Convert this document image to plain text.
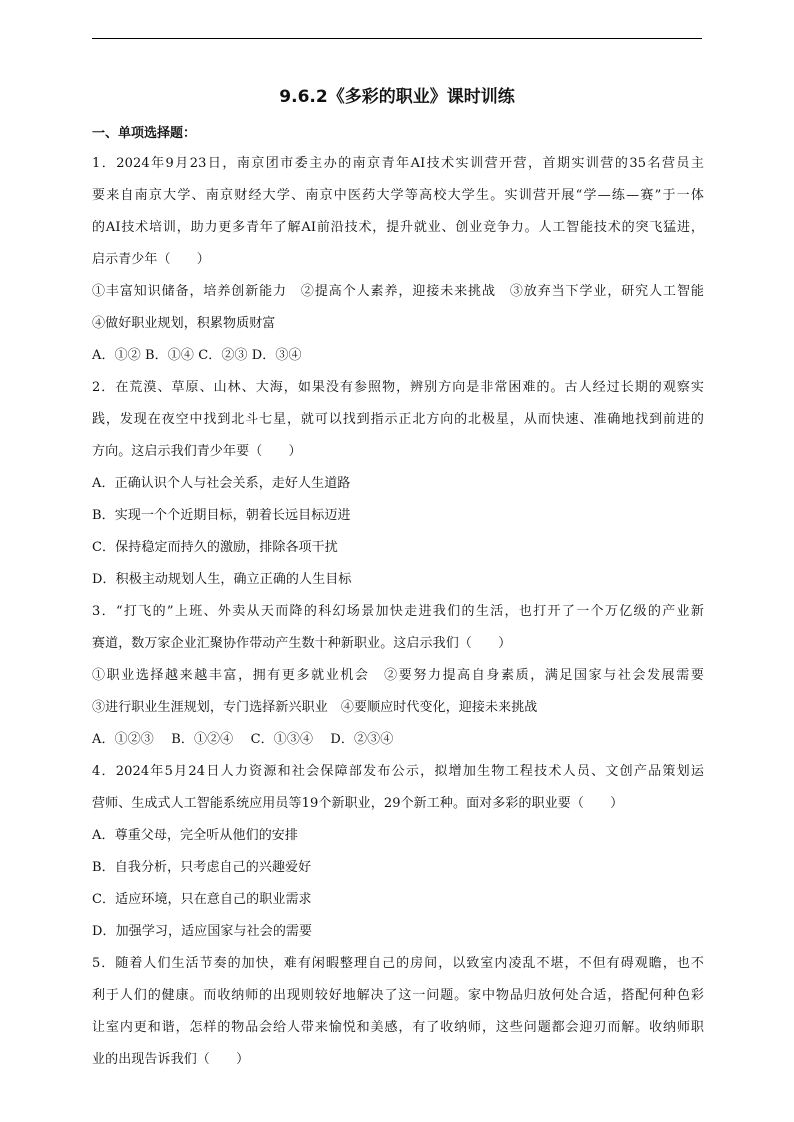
9.6.2《多彩的职业》课时训练
一、单项选择题：
1．2024年9月23日，南京团市委主办的南京青年AI技术实训营开营，首期实训营的35名营员主
要来自南京大学、南京财经大学、南京中医药大学等高校大学生。实训营开展“学—练—赛”于一体
的AI技术培训，助力更多青年了解AI前沿技术，提升就业、创业竞争力。人工智能技术的突飞猛进，
启示青少年（　　）
①丰富知识储备，培养创新能力　②提高个人素养，迎接未来挑战　③放弃当下学业，研究人工智能
④做好职业规划，积累物质财富
A．①② B．①④ C．②③ D．③④
2．在荒漠、草原、山林、大海，如果没有参照物，辨别方向是非常困难的。古人经过长期的观察实
践，发现在夜空中找到北斗七星，就可以找到指示正北方向的北极星，从而快速、准确地找到前进的
方向。这启示我们青少年要（　　）
A．正确认识个人与社会关系，走好人生道路
B．实现一个个近期目标，朝着长远目标迈进
C．保持稳定而持久的激励，排除各项干扰
D．积极主动规划人生，确立正确的人生目标
3．“打飞的”上班、外卖从天而降的科幻场景加快走进我们的生活，也打开了一个万亿级的产业新
赛道，数万家企业汇聚协作带动产生数十种新职业。这启示我们（　　）
①职业选择越来越丰富，拥有更多就业机会　②要努力提高自身素质，满足国家与社会发展需要
③进行职业生涯规划，专门选择新兴职业　④要顺应时代变化，迎接未来挑战
A．①②③　 B．①②④　 C．①③④　 D．②③④
4．2024年5月24日人力资源和社会保障部发布公示，拟增加生物工程技术人员、文创产品策划运
营师、生成式人工智能系统应用员等19个新职业，29个新工种。面对多彩的职业要（　　）
A．尊重父母，完全听从他们的安排
B．自我分析，只考虑自己的兴趣爱好
C．适应环境，只在意自己的职业需求
D．加强学习，适应国家与社会的需要
5．随着人们生活节奏的加快，难有闲暇整理自己的房间，以致室内凌乱不堪，不但有碍观瞻，也不
利于人们的健康。而收纳师的出现则较好地解决了这一问题。家中物品归放何处合适，搭配何种色彩
让室内更和谐，怎样的物品会给人带来愉悦和美感，有了收纳师，这些问题都会迎刃而解。收纳师职
业的出现告诉我们（　　）
